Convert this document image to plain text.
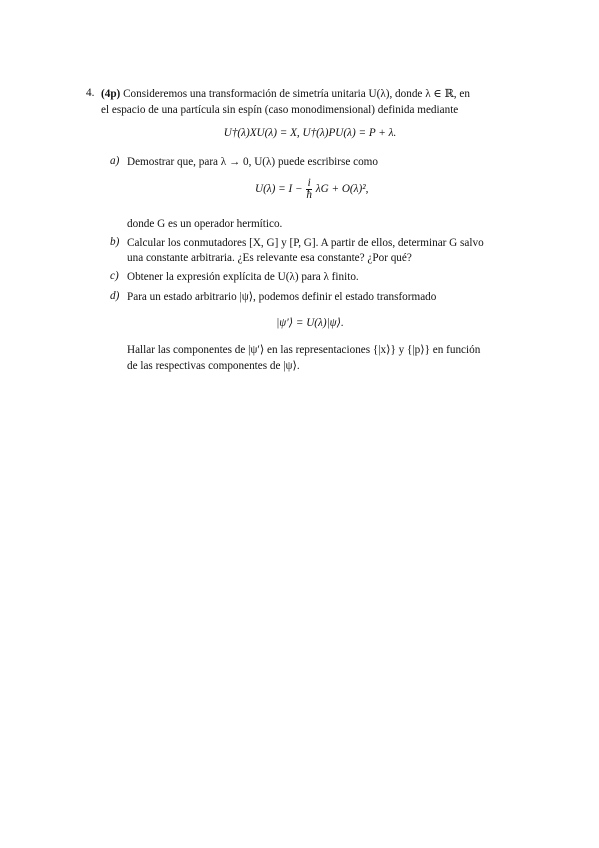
4. (4p) Consideremos una transformación de simetría unitaria U(λ), donde λ ∈ ℝ, en
el espacio de una partícula sin espín (caso monodimensional) definida mediante
U†(λ)XU(λ) = X, U†(λ)PU(λ) = P + λ.
a) Demostrar que, para λ → 0, U(λ) puede escribirse como
$U(\lambda) = I - \frac{i}{ħ}$ λG + O(λ)²,
donde G es un operador hermítico.
b) Calcular los conmutadores [X, G] y [P, G]. A partir de ellos, determinar G salvo
una constante arbitraria. ¿Es relevante esa constante? ¿Por qué?
c) Obtener la expresión explícita de U(λ) para λ finito.
d) Para un estado arbitrario |ψ⟩, podemos definir el estado transformado
|ψ′⟩ = U(λ)|ψ⟩.
Hallar las componentes de |ψ′⟩ en las representaciones {|x⟩} y {|p⟩} en función
de las respectivas componentes de |ψ⟩.
